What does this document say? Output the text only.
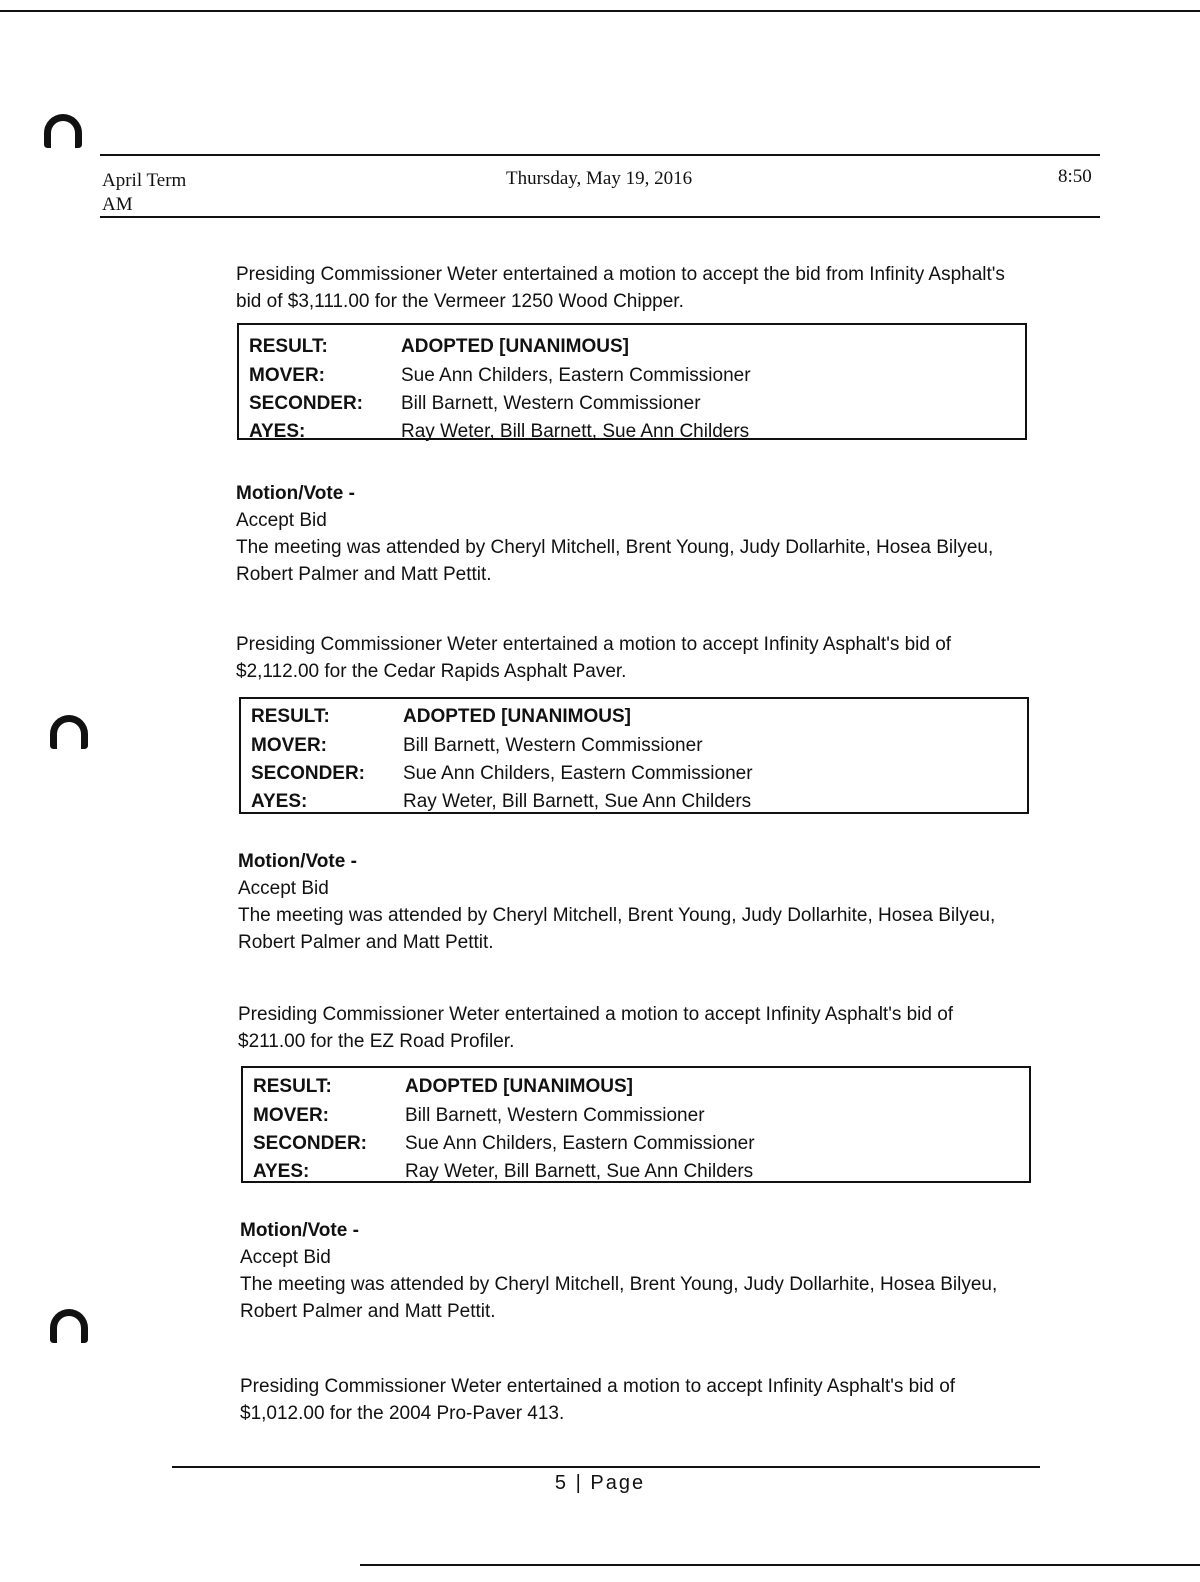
April Term
AM
Thursday, May 19, 2016	8:50
Presiding Commissioner Weter entertained a motion to accept the bid from Infinity Asphalt's bid of $3,111.00 for the Vermeer 1250 Wood Chipper.
RESULT:	ADOPTED [UNANIMOUS]
MOVER:	Sue Ann Childers, Eastern Commissioner
SECONDER: Bill Barnett, Western Commissioner
AYES:	Ray Weter, Bill Barnett, Sue Ann Childers
Motion/Vote -
Accept Bid
The meeting was attended by Cheryl Mitchell, Brent Young, Judy Dollarhite, Hosea Bilyeu, Robert Palmer and Matt Pettit.
Presiding Commissioner Weter entertained a motion to accept Infinity Asphalt's bid of $2,112.00 for the Cedar Rapids Asphalt Paver.
RESULT:	ADOPTED [UNANIMOUS]
MOVER:	Bill Barnett, Western Commissioner
SECONDER: Sue Ann Childers, Eastern Commissioner
AYES:	Ray Weter, Bill Barnett, Sue Ann Childers
Motion/Vote -
Accept Bid
The meeting was attended by Cheryl Mitchell, Brent Young, Judy Dollarhite, Hosea Bilyeu, Robert Palmer and Matt Pettit.
Presiding Commissioner Weter entertained a motion to accept Infinity Asphalt's bid of $211.00 for the EZ Road Profiler.
RESULT:	ADOPTED [UNANIMOUS]
MOVER:	Bill Barnett, Western Commissioner
SECONDER: Sue Ann Childers, Eastern Commissioner
AYES:	Ray Weter, Bill Barnett, Sue Ann Childers
Motion/Vote -
Accept Bid
The meeting was attended by Cheryl Mitchell, Brent Young, Judy Dollarhite, Hosea Bilyeu, Robert Palmer and Matt Pettit.
Presiding Commissioner Weter entertained a motion to accept Infinity Asphalt's bid of $1,012.00 for the 2004 Pro-Paver 413.
5 | Page
